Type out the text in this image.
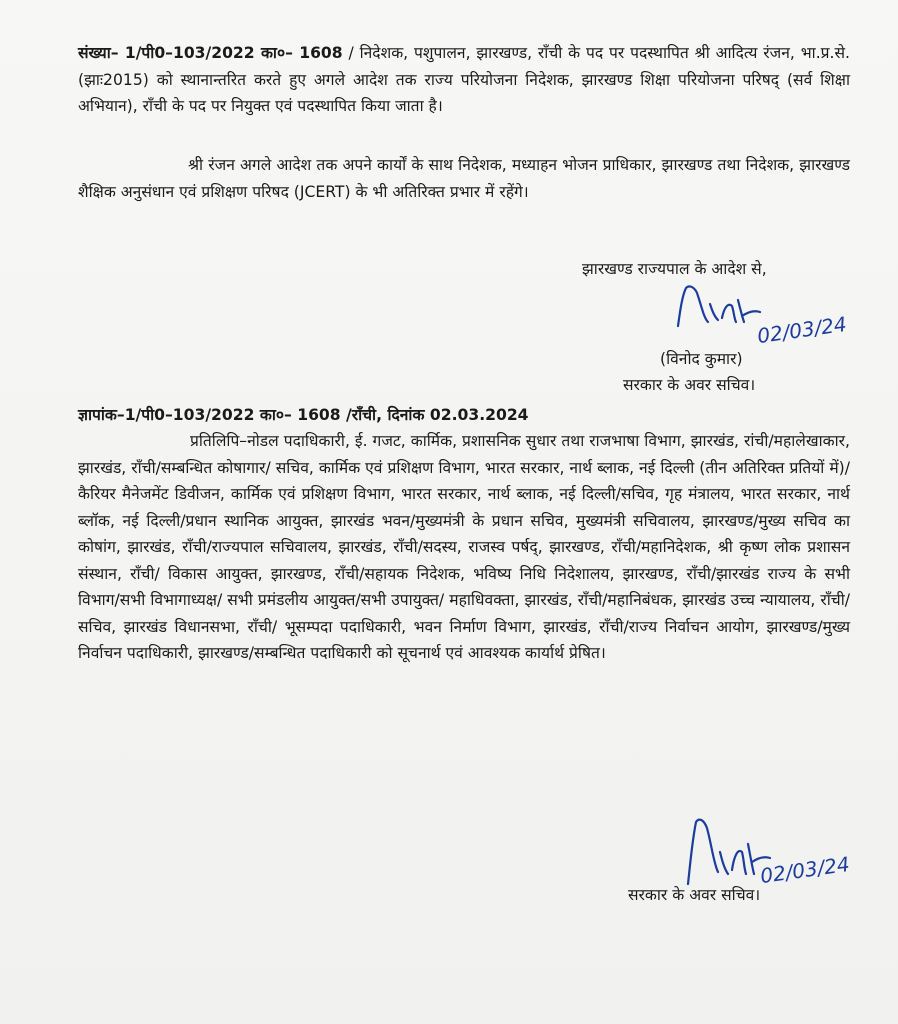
संख्या– 1/पी0–103/2022 का०– 1608 / निदेशक, पशुपालन, झारखण्ड, राँची के पद पर पदस्थापित श्री आदित्य रंजन, भा.प्र.से. (झाः2015) को स्थानान्तरित करते हुए अगले आदेश तक राज्य परियोजना निदेशक, झारखण्ड शिक्षा परियोजना परिषद् (सर्व शिक्षा अभियान), राँची के पद पर नियुक्त एवं पदस्थापित किया जाता है।

श्री रंजन अगले आदेश तक अपने कार्यों के साथ निदेशक, मध्याहन भोजन प्राधिकार, झारखण्ड तथा निदेशक, झारखण्ड शैक्षिक अनुसंधान एवं प्रशिक्षण परिषद (JCERT) के भी अतिरिक्त प्रभार में रहेंगे।

झारखण्ड राज्यपाल के आदेश से,
02/03/24
(विनोद कुमार)
सरकार के अवर सचिव।
ज्ञापांक–1/पी0–103/2022 का०– 1608 /राँची, दिनांक 02.03.2024

प्रतिलिपि–नोडल पदाधिकारी, ई. गजट, कार्मिक, प्रशासनिक सुधार तथा राजभाषा विभाग, झारखंड, रांची/महालेखाकार, झारखंड, राँची/सम्बन्धित कोषागार/ सचिव, कार्मिक एवं प्रशिक्षण विभाग, भारत सरकार, नार्थ ब्लाक, नई दिल्ली (तीन अतिरिक्त प्रतियों में)/ कैरियर मैनेजमेंट डिवीजन, कार्मिक एवं प्रशिक्षण विभाग, भारत सरकार, नार्थ ब्लाक, नई दिल्ली/सचिव, गृह मंत्रालय, भारत सरकार, नार्थ ब्लॉक, नई दिल्ली/प्रधान स्थानिक आयुक्त, झारखंड भवन/मुख्यमंत्री के प्रधान सचिव, मुख्यमंत्री सचिवालय, झारखण्ड/मुख्य सचिव का कोषांग, झारखंड, राँची/राज्यपाल सचिवालय, झारखंड, राँची/सदस्य, राजस्व पर्षद्, झारखण्ड, राँची/महानिदेशक, श्री कृष्ण लोक प्रशासन संस्थान, राँची/ विकास आयुक्त, झारखण्ड, राँची/सहायक निदेशक, भविष्य निधि निदेशालय, झारखण्ड, राँची/झारखंड राज्य के सभी विभाग/सभी विभागाध्यक्ष/ सभी प्रमंडलीय आयुक्त/सभी उपायुक्त/ महाधिवक्ता, झारखंड, राँची/महानिबंधक, झारखंड उच्च न्यायालय, राँची/ सचिव, झारखंड विधानसभा, राँची/ भूसम्पदा पदाधिकारी, भवन निर्माण विभाग, झारखंड, राँची/राज्य निर्वाचन आयोग, झारखण्ड/मुख्य निर्वाचन पदाधिकारी, झारखण्ड/सम्बन्धित पदाधिकारी को सूचनार्थ एवं आवश्यक कार्यार्थ प्रेषित।

02/03/24
सरकार के अवर सचिव।
